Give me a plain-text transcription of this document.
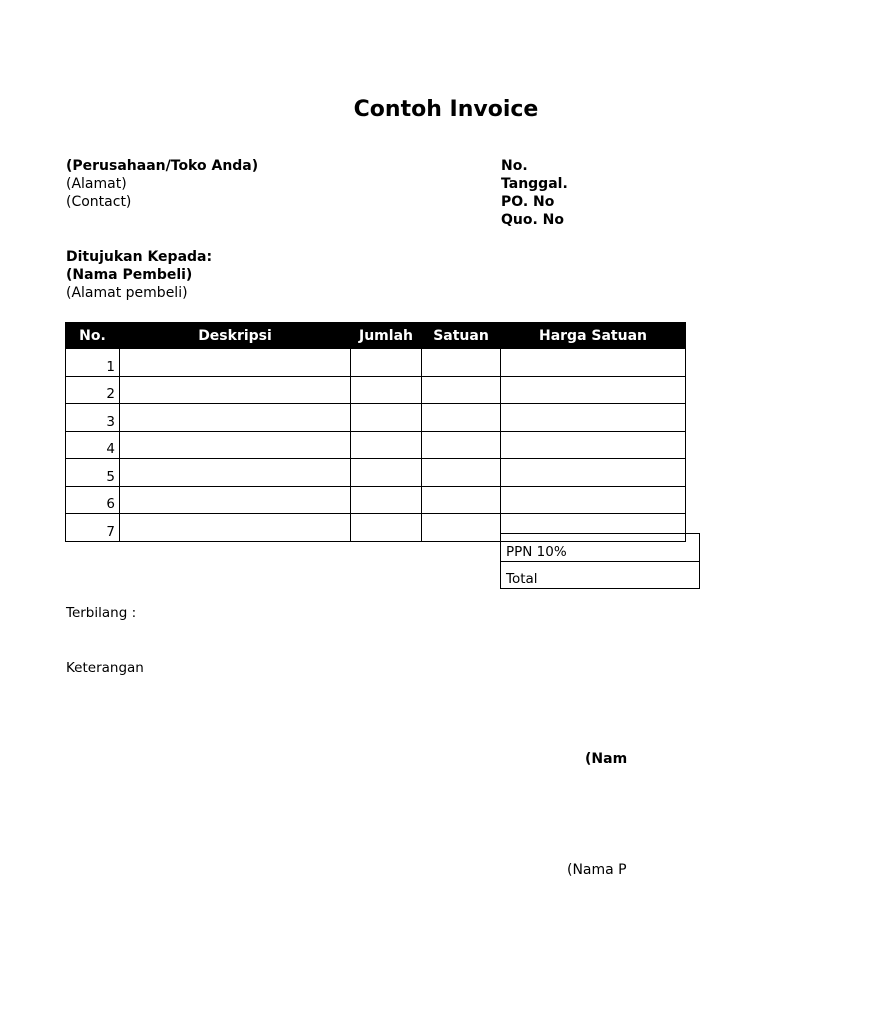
Contoh Invoice
(Perusahaan/Toko Anda)
(Alamat)
(Contact)
No.
Tanggal.
PO. No
Quo. No
Ditujukan Kepada:
(Nama Pembeli)
(Alamat pembeli)
No.	Deskripsi	Jumlah	Satuan	Harga Satuan
1				
2				
3				
4				
5				
6				
7				
PPN 10%
Total
Terbilang :
Keterangan
(Nam
(Nama P
